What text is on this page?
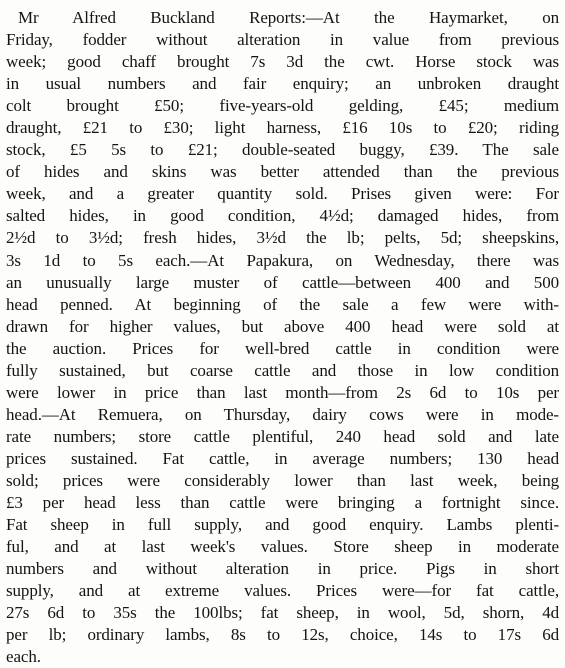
Mr Alfred Buckland Reports:—At the Haymarket, on
Friday, fodder without alteration in value from previous
week; good chaff brought 7s 3d the cwt. Horse stock was
in usual numbers and fair enquiry; an unbroken draught
colt brought £50; five-years-old gelding, £45; medium
draught, £21 to £30; light harness, £16 10s to £20; riding
stock, £5 5s to £21; double-seated buggy, £39. The sale
of hides and skins was better attended than the previous
week, and a greater quantity sold. Prises given were: For
salted hides, in good condition, 4½d; damaged hides, from
2½d to 3½d; fresh hides, 3½d the lb; pelts, 5d; sheepskins,
3s 1d to 5s each.—At Papakura, on Wednesday, there was
an unusually large muster of cattle—between 400 and 500
head penned. At beginning of the sale a few were with-
drawn for higher values, but above 400 head were sold at
the auction. Prices for well-bred cattle in condition were
fully sustained, but coarse cattle and those in low condition
were lower in price than last month—from 2s 6d to 10s per
head.—At Remuera, on Thursday, dairy cows were in mode-
rate numbers; store cattle plentiful, 240 head sold and late
prices sustained. Fat cattle, in average numbers; 130 head
sold; prices were considerably lower than last week, being
£3 per head less than cattle were bringing a fortnight since.
Fat sheep in full supply, and good enquiry. Lambs plenti-
ful, and at last week's values. Store sheep in moderate
numbers and without alteration in price. Pigs in short
supply, and at extreme values. Prices were—for fat cattle,
27s 6d to 35s the 100lbs; fat sheep, in wool, 5d, shorn, 4d
per lb; ordinary lambs, 8s to 12s, choice, 14s to 17s 6d
each.
